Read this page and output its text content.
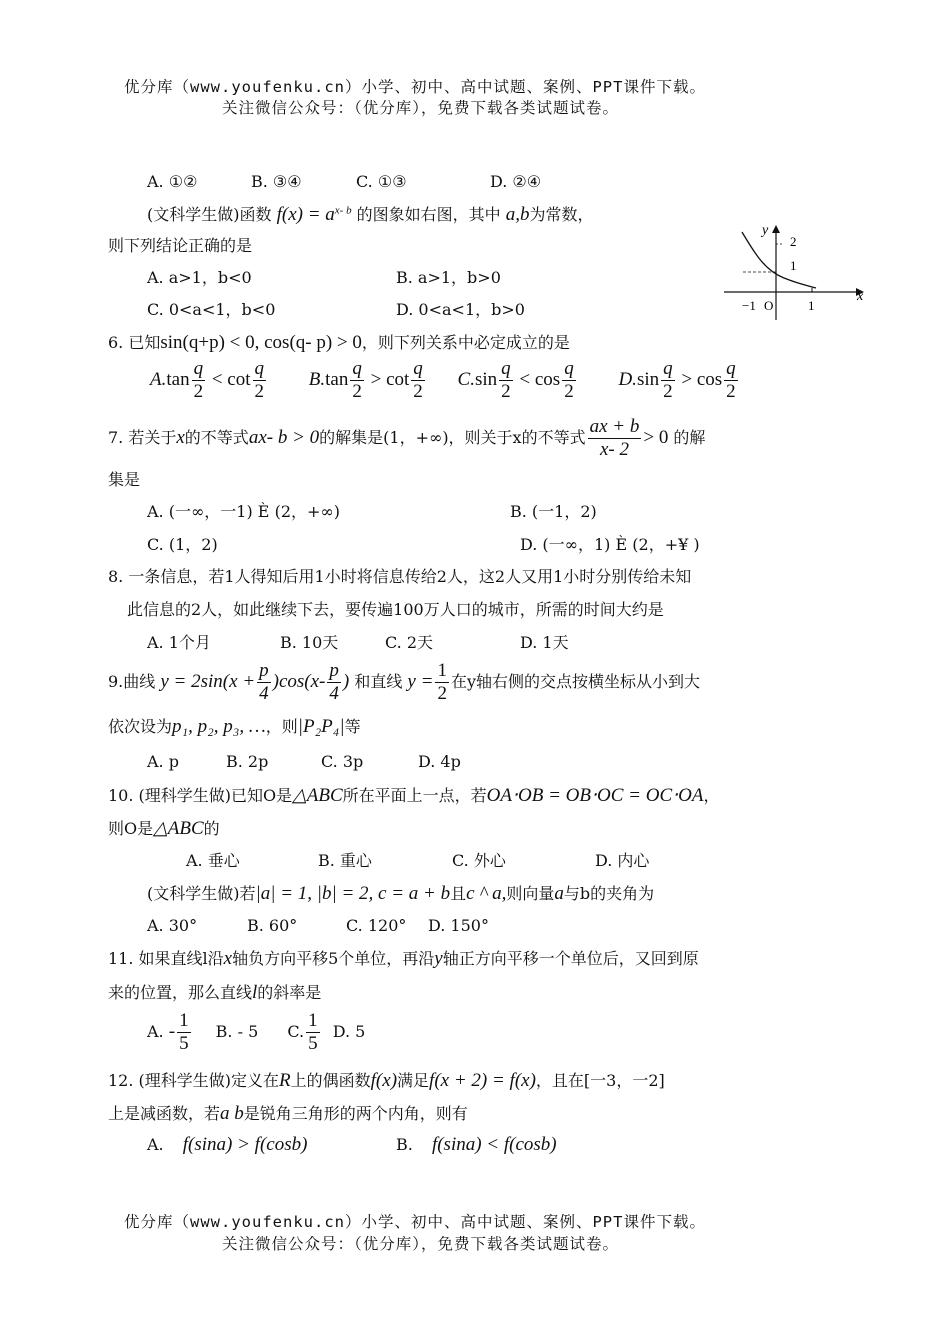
优分库（www.youfenku.cn）小学、初中、高中试题、案例、PPT课件下载。
关注微信公众号：（优分库），免费下载各类试题试卷。
A. ①②	B. ③④	C. ①③	D. ②④
(文科学生做)函数 $f(x) = a^{x- b}$ 的图象如右图，其中 a,b为常数，
则下列结论正确的是
A. a>1，b<0	B. a>1，b>0
C. 0<a<1，b<0	D. 0<a<1，b>0
y
x
2
1
−1 O	1
6. 已知sin(q+p) < 0, cos(q- p) > 0，则下列关系中必定成立的是
$A.\tan \frac{q}{2} < \cot \frac{q}{2} B.\tan \frac{q}{2} > \cot \frac{q}{2} C.\sin \frac{q}{2} < \cos \frac{q}{2} D.\sin \frac{q}{2} > \cos \frac{q}{2}$
7. 若关于x的不等式ax- b > 0的解集是(1，+∞)，则关于x的不等式 $\frac{ax + b}{x- 2} > 0$ 的解
集是
A. (一∞，一1) È (2，+∞)	B. (一1，2)
C. (1，2)	D. (一∞，1) È (2，+¥ )
8. 一条信息，若1人得知后用1小时将信息传给2人，这2人又用1小时分别传给未知
此信息的2人，如此继续下去，要传遍100万人口的城市，所需的时间大约是
A. 1个月	B. 10天	C. 2天	D. 1天
9.曲线 $y = 2\sin(x + \frac{p}{4} )\cos(x- \frac{p}{4}$ ) 和直线 $y = \frac{1}{2}$ 在y轴右侧的交点按横坐标从小到大
依次设为p₁, p₂, p₃, …，则|P₂P₄|等
A. p	B. 2p	C. 3p	D. 4p
10. (理科学生做)已知O是△ABC所在平面上一点，若OA⋅OB = OB⋅OC = OC⋅OA，
则O是△ABC的
A. 垂心	B. 重心	C. 外心	D. 内心
(文科学生做)若|a| = 1, |b| = 2, c = a + b且c ^ a,则向量a与b的夹角为
A. 30°	B. 60°	C. 120° D. 150°
11. 如果直线l沿x轴负方向平移5个单位，再沿y轴正方向平移一个单位后，又回到原
来的位置，那么直线l的斜率是
A. - $\frac{1}{5} B$. - 5 C. $\frac{1}{5} D$. 5
12. (理科学生做)定义在R上的偶函数f(x)满足f(x + 2) = f(x)，且在[一3，一2]
上是减函数，若a b是锐角三角形的两个内角，则有
A. f(sina) > f(cosb)	B. f(sina) < f(cosb)
优分库（www.youfenku.cn）小学、初中、高中试题、案例、PPT课件下载。
关注微信公众号：（优分库），免费下载各类试题试卷。
